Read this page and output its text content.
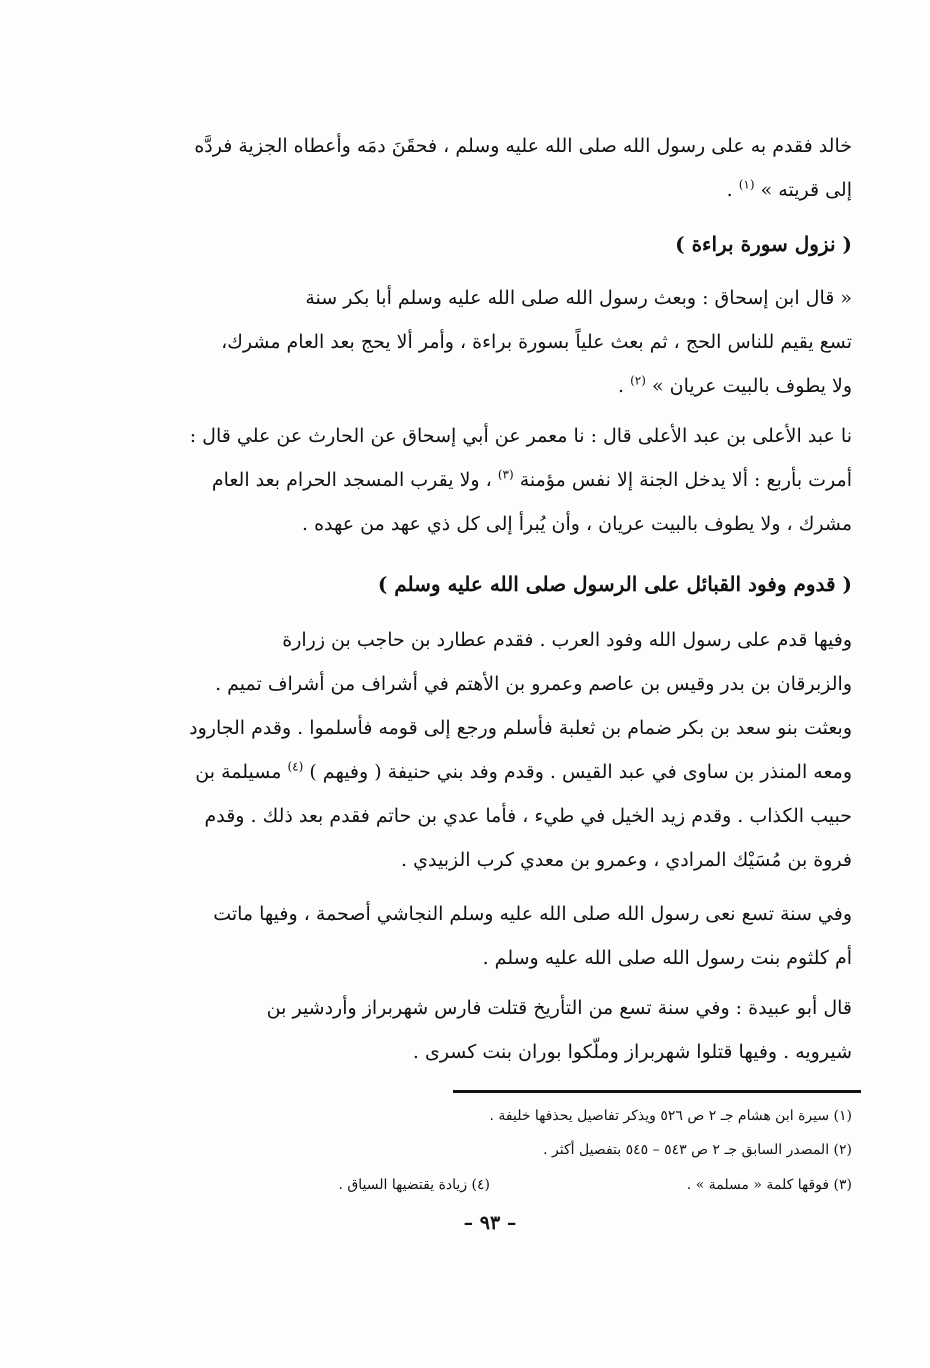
خالد فقدم به على رسول الله صلى الله عليه وسلم ، فحقَنَ دمَه وأعطاه الجزية فردَّه
إلى قريته » $^{(١)}$ .
( نزول سورة براءة )
« قال ابن إسحاق : وبعث رسول الله صلى الله عليه وسلم أبا بكر سنة
تسع يقيم للناس الحج ، ثم بعث علياً بسورة براءة ، وأمر ألا يحج بعد العام مشرك،
ولا يطوف بالبيت عريان » $^{(٢)}$ .
نا عبد الأعلى بن عبد الأعلى قال : نا معمر عن أبي إسحاق عن الحارث عن علي قال :
أمرت بأربع : ألا يدخل الجنة إلا نفس مؤمنة $^{(٣)}$ ، ولا يقرب المسجد الحرام بعد العام
مشرك ، ولا يطوف بالبيت عريان ، وأن يُبرأ إلى كل ذي عهد من عهده .
( قدوم وفود القبائل على الرسول صلى الله عليه وسلم )
وفيها قدم على رسول الله وفود العرب . فقدم عطارد بن حاجب بن زرارة
والزبرقان بن بدر وقيس بن عاصم وعمرو بن الأهتم في أشراف من أشراف تميم .
وبعثت بنو سعد بن بكر ضمام بن ثعلبة فأسلم ورجع إلى قومه فأسلموا . وقدم الجارود
ومعه المنذر بن ساوى في عبد القيس . وقدم وفد بني حنيفة ( وفيهم ) $^{(٤)}$ مسيلمة بن
حبيب الكذاب . وقدم زيد الخيل في طيء ، فأما عدي بن حاتم فقدم بعد ذلك . وقدم
فروة بن مُسَيْك المرادي ، وعمرو بن معدي كرب الزبيدي .
وفي سنة تسع نعى رسول الله صلى الله عليه وسلم النجاشي أصحمة ، وفيها ماتت
أم كلثوم بنت رسول الله صلى الله عليه وسلم .
قال أبو عبيدة : وفي سنة تسع من التأريخ قتلت فارس شهربراز وأردشير بن
شيرويه . وفيها قتلوا شهربراز وملّكوا بوران بنت كسرى .
(١) سيرة ابن هشام جـ ٢ ص ٥٢٦ ويذكر تفاصيل يحذفها خليفة .
(٢) المصدر السابق جـ ٢ ص ٥٤٣ – ٥٤٥ بتفصيل أكثر .
(٣) فوقها كلمة « مسلمة » .
(٤) زيادة يقتضيها السياق .
– ٩٣ –
